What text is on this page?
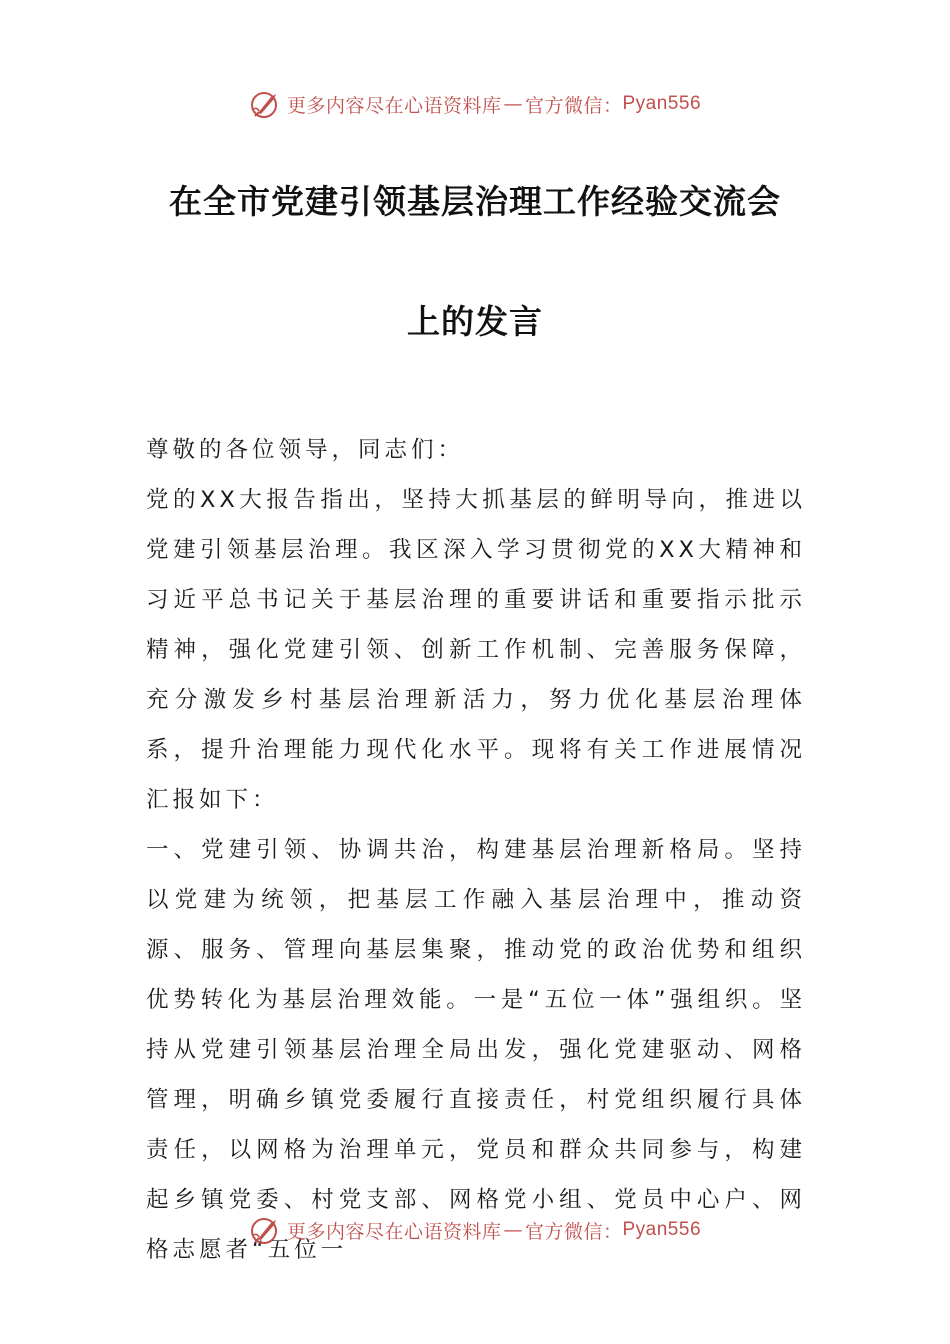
更多内容尽在心语资料库 — 官方微信： Pyan556
在全市党建引领基层治理工作经验交流会
上的发言

尊敬的各位领导，同志们：

党的XX大报告指出，坚持大抓基层的鲜明导向，推进以党建引领基层治理。我区深入学习贯彻党的XX大精神和习近平总书记关于基层治理的重要讲话和重要指示批示精神，强化党建引领、创新工作机制、完善服务保障，充分激发乡村基层治理新活力，努力优化基层治理体系，提升治理能力现代化水平。现将有关工作进展情况汇报如下：

一、党建引领、协调共治，构建基层治理新格局。坚持以党建为统领，把基层工作融入基层治理中，推动资源、服务、管理向基层集聚，推动党的政治优势和组织优势转化为基层治理效能。一是“五位一体”强组织。坚持从党建引领基层治理全局出发，强化党建驱动、网格管理，明确乡镇党委履行直接责任，村党组织履行具体责任，以网格为治理单元，党员和群众共同参与，构建起乡镇党委、村党支部、网格党小组、党员中心户、网格志愿者“五位一

更多内容尽在心语资料库 — 官方微信： Pyan556
